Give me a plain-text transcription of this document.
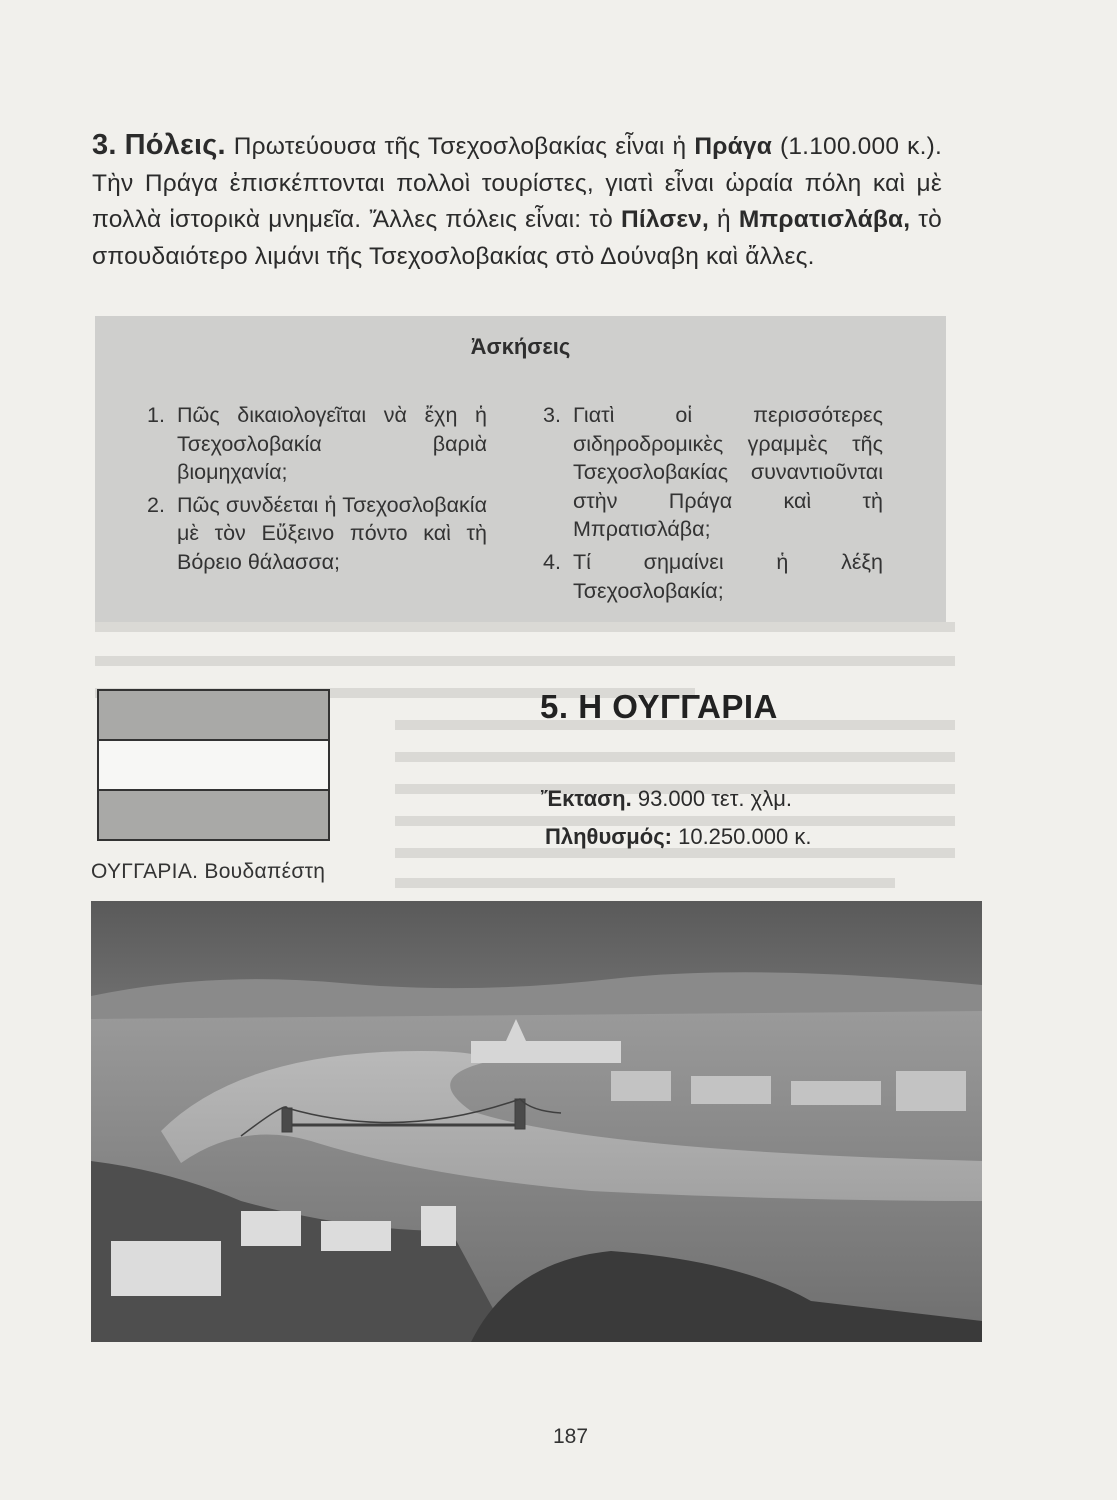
3. Πόλεις. Πρωτεύουσα τῆς Τσεχοσλοβακίας εἶναι ἡ Πράγα (1.100.000 κ.). Τὴν Πράγα ἐπισκέπτονται πολλοὶ τουρίστες, γιατὶ εἶναι ὡραία πόλη καὶ μὲ πολλὰ ἱστορικὰ μνημεῖα. Ἄλλες πόλεις εἶναι: τὸ Πίλσεν, ἡ Μπρατισλάβα, τὸ σπουδαιότερο λιμάνι τῆς Τσεχοσλοβακίας στὸ Δούναβη καὶ ἄλλες.

Ἀσκήσεις
1. Πῶς δικαιολογεῖται νὰ ἔχη ἡ Τσεχοσλοβακία βαριὰ βιομηχανία;
2. Πῶς συνδέεται ἡ Τσεχοσλοβακία μὲ τὸν Εὔξεινο πόντο καὶ τὴ Βόρειο θάλασσα;
3. Γιατὶ οἱ περισσότερες σιδηροδρομικὲς γραμμὲς τῆς Τσεχοσλοβακίας συναντιοῦνται στὴν Πράγα καὶ τὴ Μπρατισλάβα;
4. Τί σημαίνει ἡ λέξη Τσεχοσλοβακία;
ΟΥΓΓΑΡΙΑ. Βουδαπέστη
5. Η ΟΥΓΓΑΡΙΑ
Ἔκταση. 93.000 τετ. χλμ.
Πληθυσμός: 10.250.000 κ.
187
